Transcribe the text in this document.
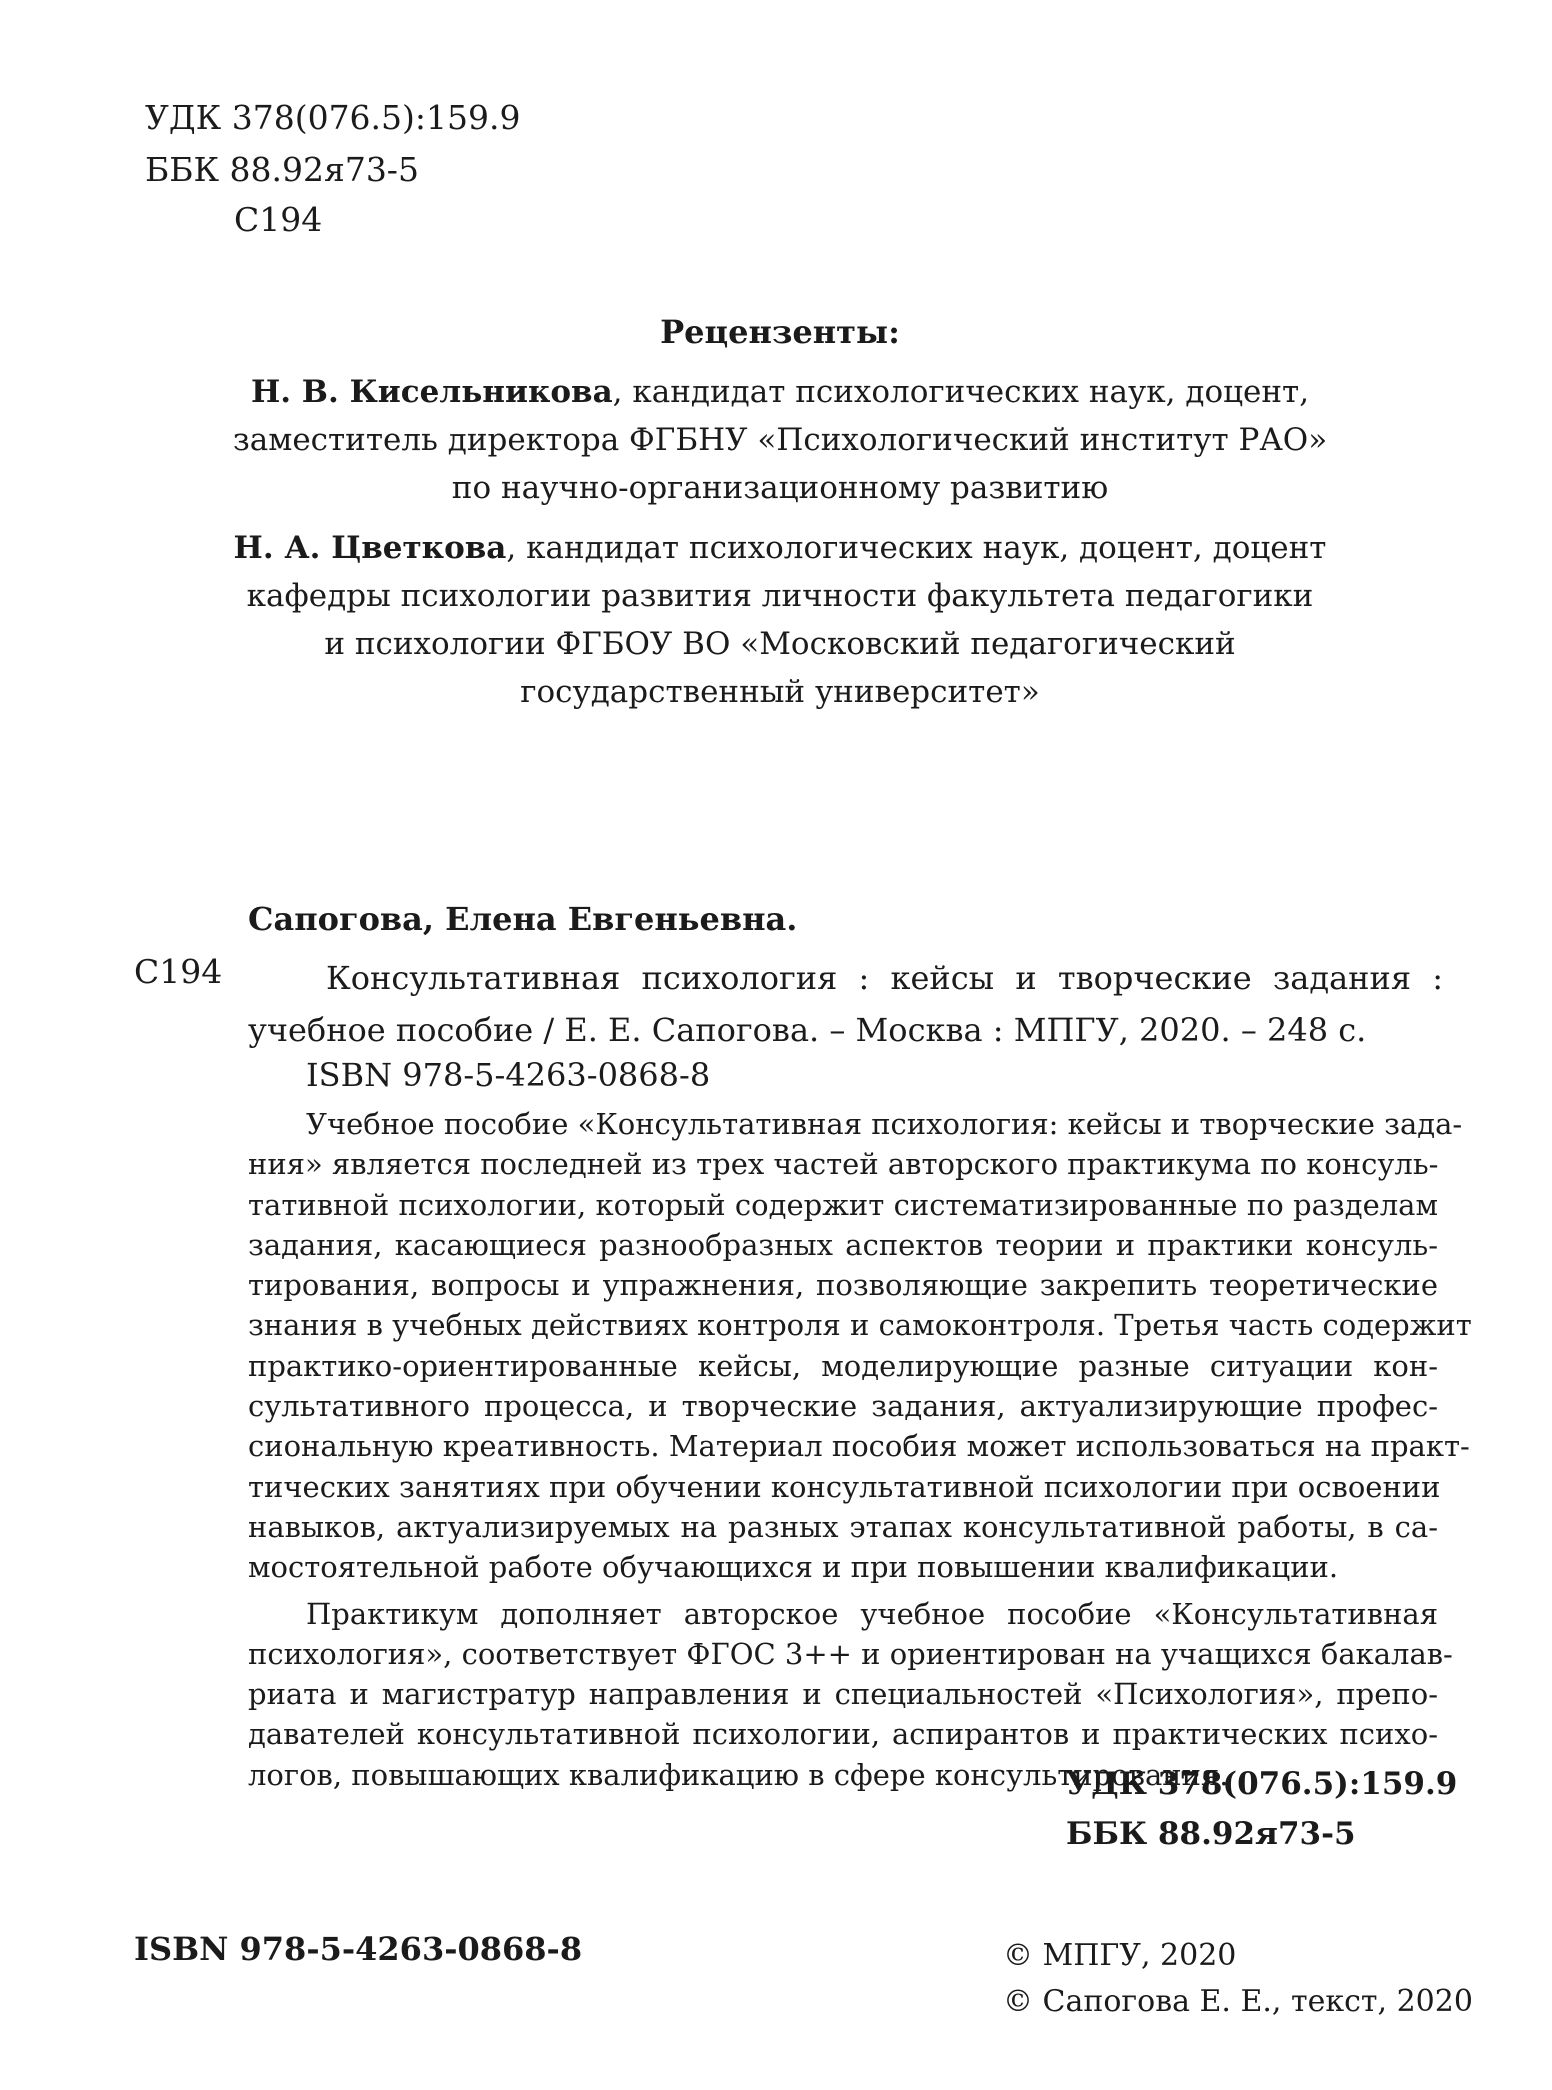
УДК 378(076.5):159.9
ББК 88.92я73-5
С194
Рецензенты:
Н. В. Кисельникова, кандидат психологических наук, доцент,
заместитель директора ФГБНУ «Психологический институт РАО»
по научно-организационному развитию
Н. А. Цветкова, кандидат психологических наук, доцент, доцент
кафедры психологии развития личности факультета педагогики
и психологии ФГБОУ ВО «Московский педагогический
государственный университет»
Сапогова, Елена Евгеньевна.
С194	Консультативная психология : кейсы и творческие задания :
учебное пособие / Е. Е. Сапогова. – Москва : МПГУ, 2020. – 248 с.
ISBN 978-5-4263-0868-8

Учебное пособие «Консультативная психология: кейсы и творческие зада-
ния» является последней из трех частей авторского практикума по консуль-
тативной психологии, который содержит систематизированные по разделам
задания, касающиеся разнообразных аспектов теории и практики консуль-
тирования, вопросы и упражнения, позволяющие закрепить теоретические
знания в учебных действиях контроля и самоконтроля. Третья часть содержит
практико-ориентированные кейсы, моделирующие разные ситуации кон-
сультативного процесса, и творческие задания, актуализирующие профес-
сиональную креативность. Материал пособия может использоваться на практ-
тических занятиях при обучении консультативной психологии при освоении
навыков, актуализируемых на разных этапах консультативной работы, в са-
мостоятельной работе обучающихся и при повышении квалификации.

Практикум дополняет авторское учебное пособие «Консультативная
психология», соответствует ФГОС 3++ и ориентирован на учащихся бакалав-
риата и магистратур направления и специальностей «Психология», препо-
давателей консультативной психологии, аспирантов и практических психо-
логов, повышающих квалификацию в сфере консультирования.

УДК 378(076.5):159.9
ББК 88.92я73-5
ISBN 978-5-4263-0868-8	© МПГУ, 2020
© Сапогова Е. Е., текст, 2020
